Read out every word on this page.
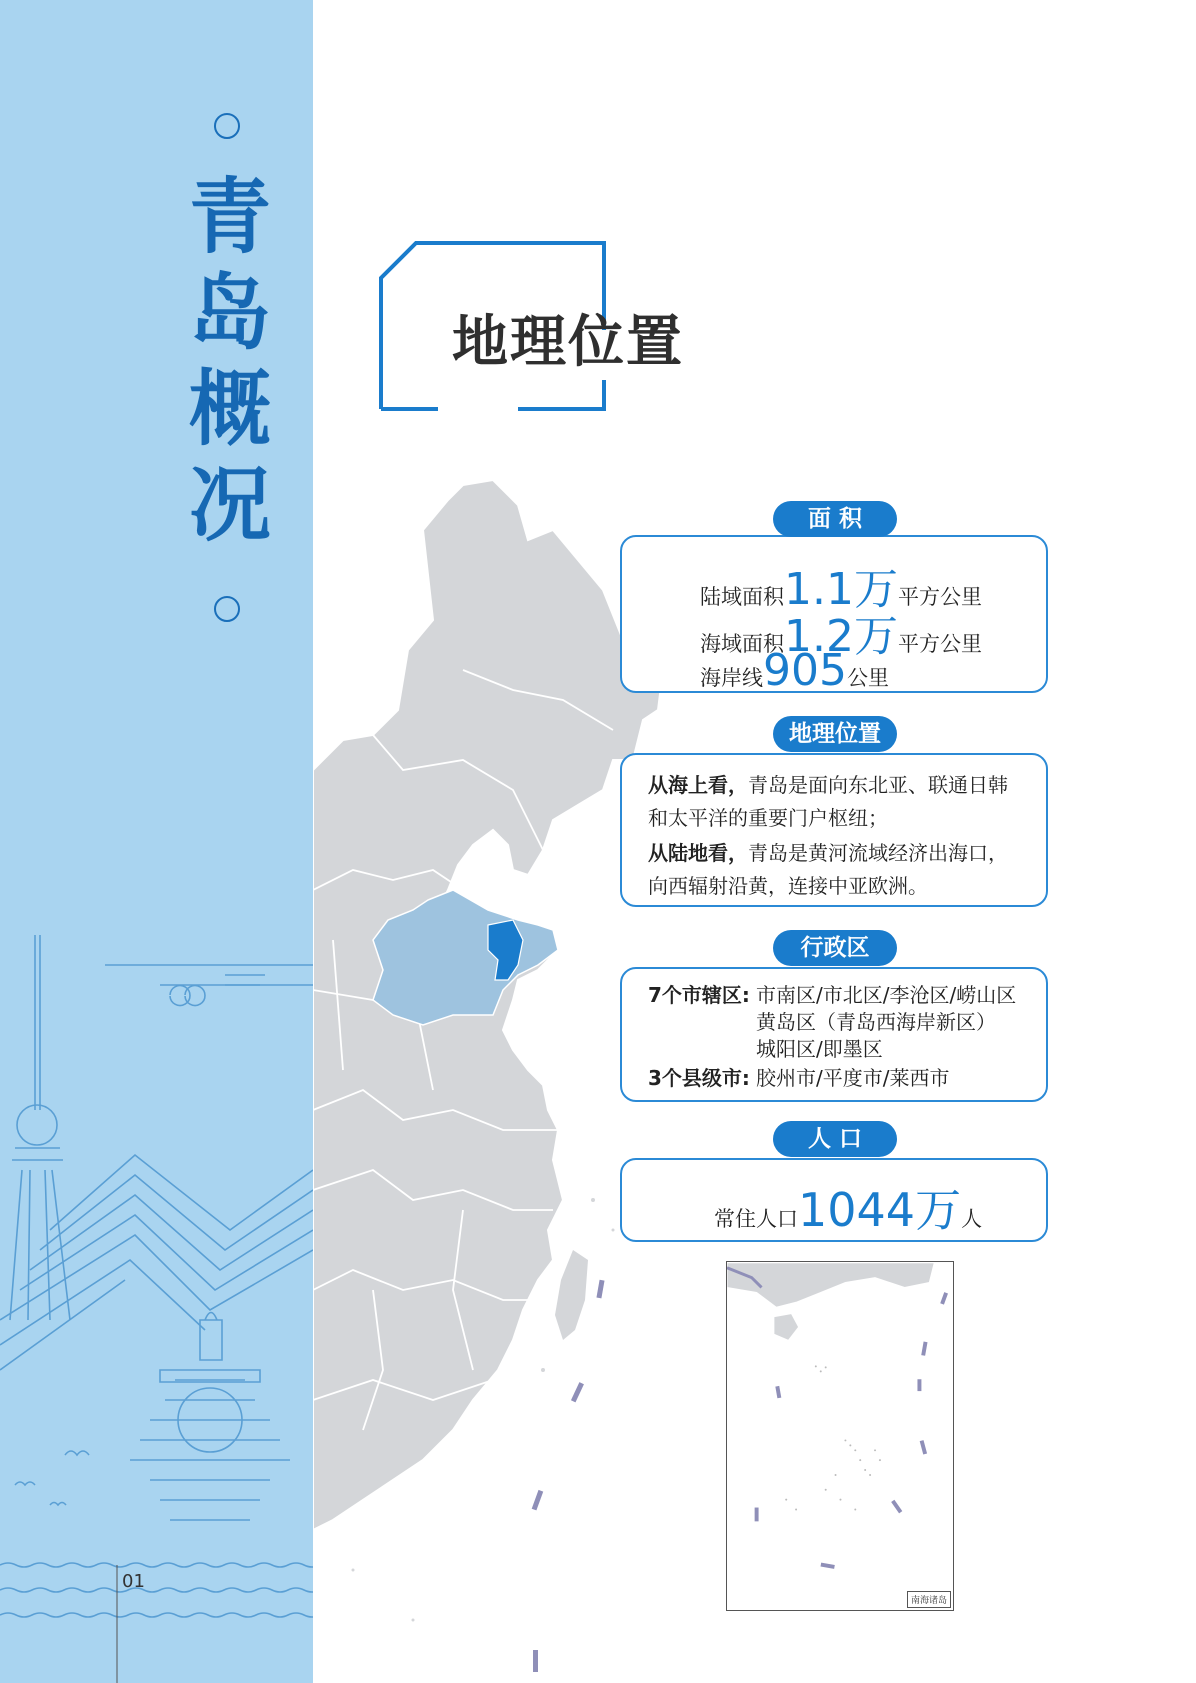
青
岛
概
况
01
地理位置
陆域面积1.1万平方公里
海域面积1.2万平方公里
海岸线905公里
面 积
从海上看，青岛是面向东北亚、联通日韩和太平洋的重要门户枢纽；
从陆地看，青岛是黄河流域经济出海口，向西辐射沿黄，连接中亚欧洲。
地理位置
7个市辖区: 市南区/市北区/李沧区/崂山区
黄岛区（青岛西海岸新区）
城阳区/即墨区
3个县级市: 胶州市/平度市/莱西市
行政区
常住人口1044万人
人 口
南海诸岛
